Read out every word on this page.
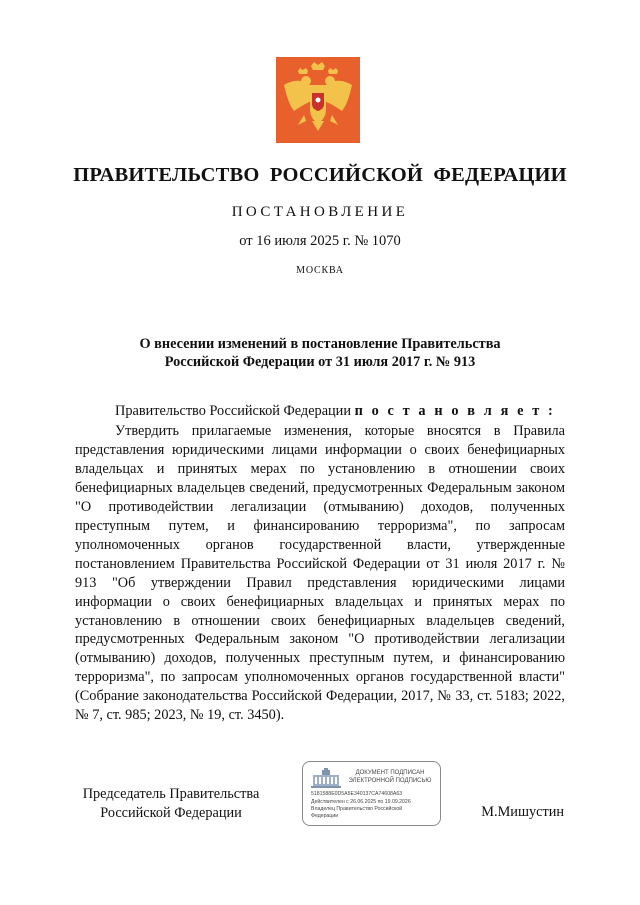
ПРАВИТЕЛЬСТВО РОССИЙСКОЙ ФЕДЕРАЦИИ
ПОСТАНОВЛЕНИЕ
от 16 июля 2025 г. № 1070
МОСКВА
О внесении изменений в постановление Правительства
Российской Федерации от 31 июля 2017 г. № 913
Правительство Российской Федерации п о с т а н о в л я е т :
Утвердить прилагаемые изменения, которые вносятся в Правила представления юридическими лицами информации о своих бенефициарных владельцах и принятых мерах по установлению в отношении своих бенефициарных владельцев сведений, предусмотренных Федеральным законом "О противодействии легализации (отмыванию) доходов, полученных преступным путем, и финансированию терроризма", по запросам уполномоченных органов государственной власти, утвержденные постановлением Правительства Российской Федерации от 31 июля 2017 г. № 913 "Об утверждении Правил представления юридическими лицами информации о своих бенефициарных владельцах и принятых мерах по установлению в отношении своих бенефициарных владельцев сведений, предусмотренных Федеральным законом "О противодействии легализации (отмыванию) доходов, полученных преступным путем, и финансированию терроризма", по запросам уполномоченных органов государственной власти" (Собрание законодательства Российской Федерации, 2017, № 33, ст. 5183; 2022, № 7, ст. 985; 2023, № 19, ст. 3450).
Председатель Правительства
Российской Федерации
ДОКУМЕНТ ПОДПИСАН
ЭЛЕКТРОННОЙ ПОДПИСЬЮ
5181588E0D5A5E340137CA74608A63
Действителен с 26.06.2025 по 19.09.2026
Владелец Правительство Российской
Федерации	М.Мишустин
